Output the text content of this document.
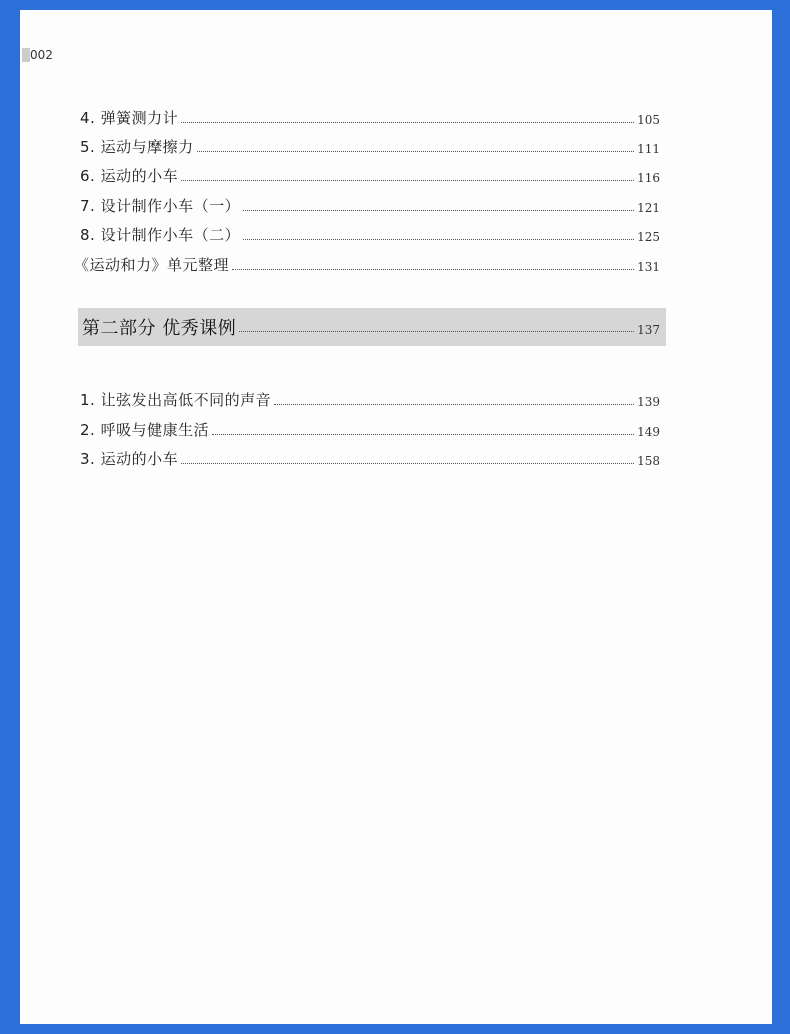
002
4. 弹簧测力计	105
5. 运动与摩擦力	111
6. 运动的小车	116
7. 设计制作小车（一）	121
8. 设计制作小车（二）	125
《运动和力》单元整理	131
第二部分 优秀课例	137
1. 让弦发出高低不同的声音	139
2. 呼吸与健康生活	149
3. 运动的小车	158
